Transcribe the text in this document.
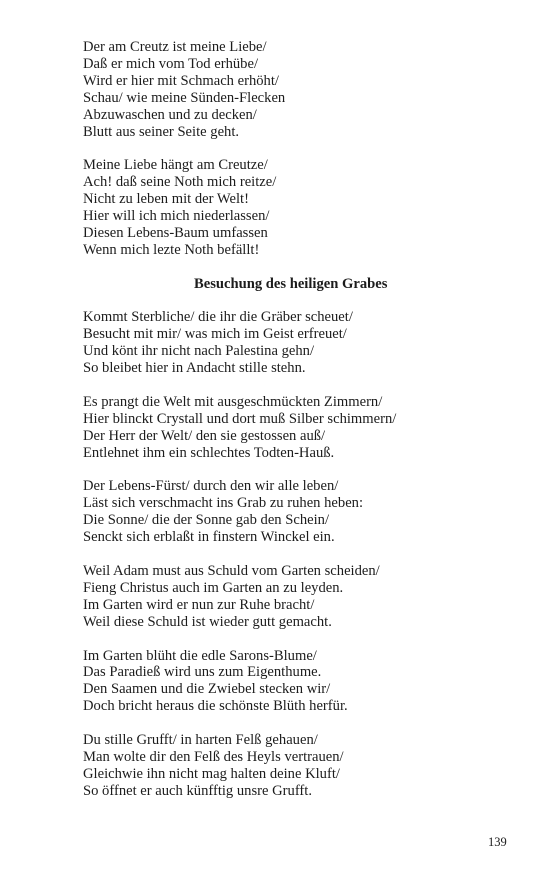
Der am Creutz ist meine Liebe/
Daß er mich vom Tod erhübe/
Wird er hier mit Schmach erhöht/
Schau/ wie meine Sünden-Flecken
Abzuwaschen und zu decken/
Blutt aus seiner Seite geht.
Meine Liebe hängt am Creutze/
Ach! daß seine Noth mich reitze/
Nicht zu leben mit der Welt!
Hier will ich mich niederlassen/
Diesen Lebens-Baum umfassen
Wenn mich lezte Noth befällt!
Besuchung des heiligen Grabes
Kommt Sterbliche/ die ihr die Gräber scheuet/
Besucht mit mir/ was mich im Geist erfreuet/
Und könt ihr nicht nach Palestina gehn/
So bleibet hier in Andacht stille stehn.
Es prangt die Welt mit ausgeschmückten Zimmern/
Hier blinckt Crystall und dort muß Silber schimmern/
Der Herr der Welt/ den sie gestossen auß/
Entlehnet ihm ein schlechtes Todten-Hauß.
Der Lebens-Fürst/ durch den wir alle leben/
Läst sich verschmacht ins Grab zu ruhen heben:
Die Sonne/ die der Sonne gab den Schein/
Senckt sich erblaßt in finstern Winckel ein.
Weil Adam must aus Schuld vom Garten scheiden/
Fieng Christus auch im Garten an zu leyden.
Im Garten wird er nun zur Ruhe bracht/
Weil diese Schuld ist wieder gutt gemacht.
Im Garten blüht die edle Sarons-Blume/
Das Paradieß wird uns zum Eigenthume.
Den Saamen und die Zwiebel stecken wir/
Doch bricht heraus die schönste Blüth herfür.
Du stille Grufft/ in harten Felß gehauen/
Man wolte dir den Felß des Heyls vertrauen/
Gleichwie ihn nicht mag halten deine Kluft/
So öffnet er auch künfftig unsre Grufft.
139
